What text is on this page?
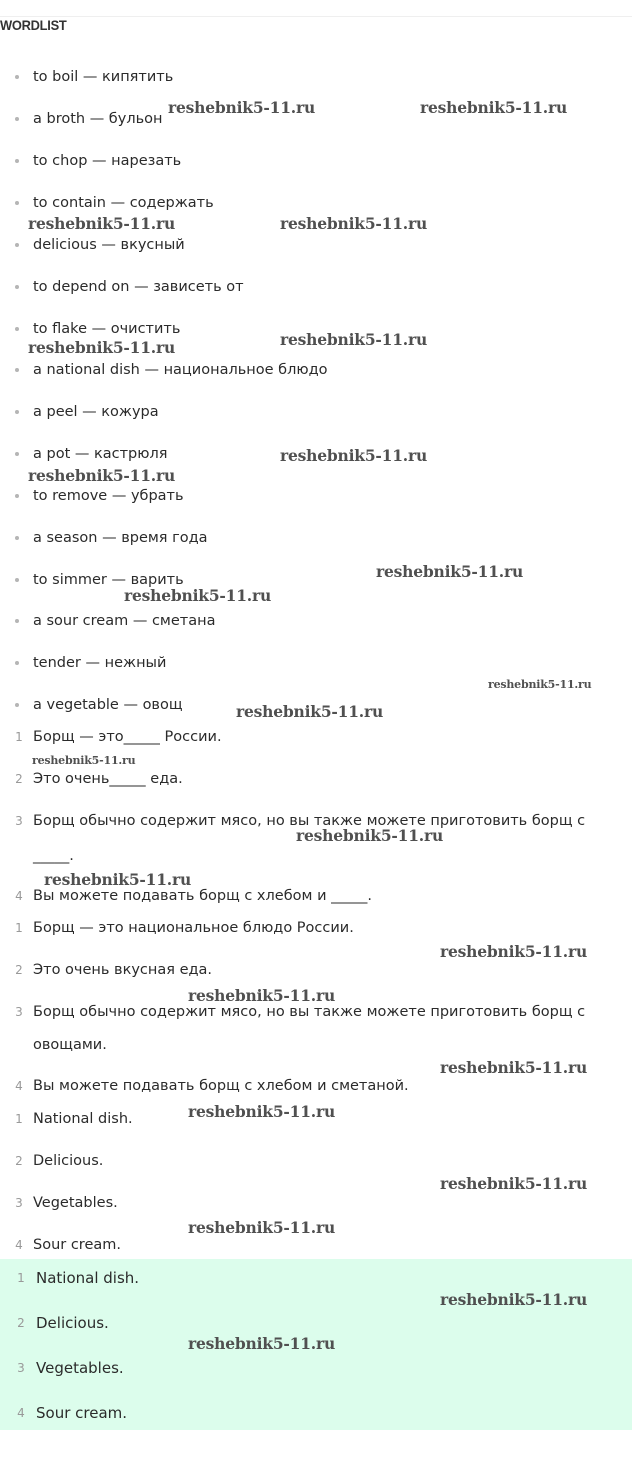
WORDLIST
to boil — кипятить
a broth — бульон
to chop — нарезать
to contain — содержать
delicious — вкусный
to depend on — зависеть от
to flake — очистить
a national dish — национальное блюдо
a peel — кожура
a pot — кастрюля
to remove — убрать
a season — время года
to simmer — варить
a sour cream — сметана
tender — нежный
a vegetable — овощ
1 Борщ — это_____ России.
2 Это очень_____ еда.
3 Борщ обычно содержит мясо, но вы также можете приготовить борщ с
_____.
4 Вы можете подавать борщ с хлебом и _____.
1 Борщ — это национальное блюдо России.
2 Это очень вкусная еда.
3 Борщ обычно содержит мясо, но вы также можете приготовить борщ с
овощами.
4 Вы можете подавать борщ с хлебом и сметаной.
1 National dish.
2 Delicious.
3 Vegetables.
4 Sour cream.
1 National dish.
2 Delicious.
3 Vegetables.
4 Sour cream.
reshebnik5-11.ru	reshebnik5-11.ru
reshebnik5-11.ru	reshebnik5-11.ru
reshebnik5-11.ru	reshebnik5-11.ru
reshebnik5-11.ru
reshebnik5-11.ru
reshebnik5-11.ru
reshebnik5-11.ru
reshebnik5-11.ru
reshebnik5-11.ru
reshebnik5-11.ru
reshebnik5-11.ru
reshebnik5-11.ru
reshebnik5-11.ru
reshebnik5-11.ru
reshebnik5-11.ru
reshebnik5-11.ru
reshebnik5-11.ru
reshebnik5-11.ru
reshebnik5-11.ru
reshebnik5-11.ru
